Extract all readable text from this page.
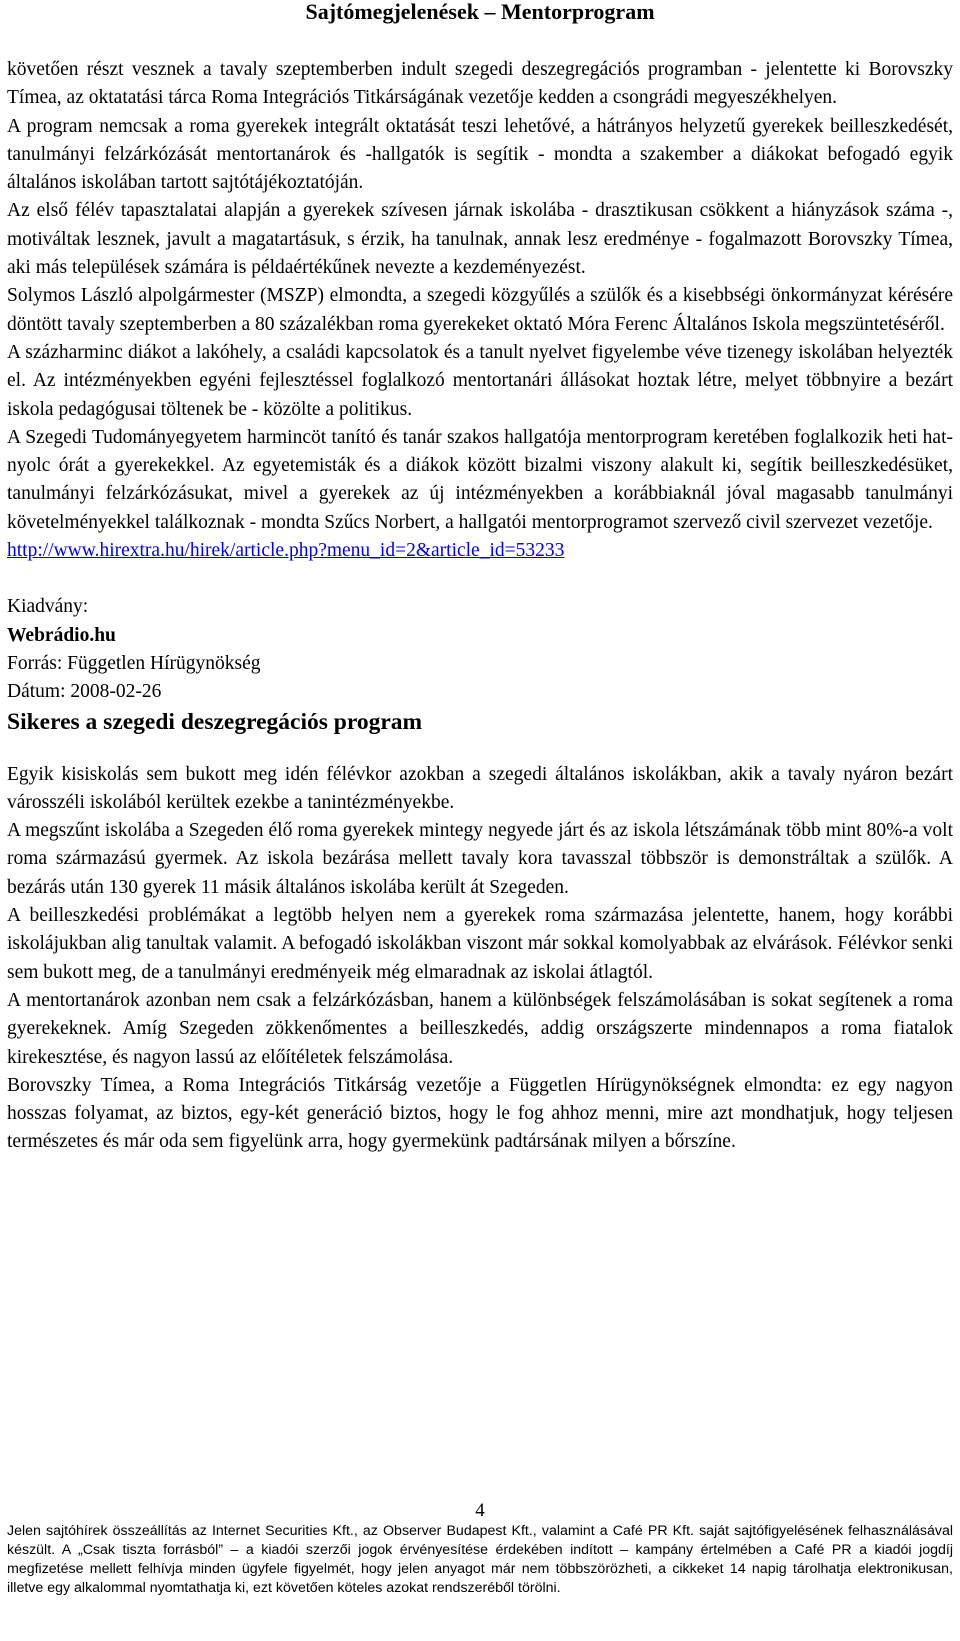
Sajtómegjelenések – Mentorprogram

követően részt vesznek a tavaly szeptemberben indult szegedi deszegregációs programban - jelentette ki Borovszky Tímea, az oktatatási tárca Roma Integrációs Titkárságának vezetője kedden a csongrádi megyeszékhelyen.

A program nemcsak a roma gyerekek integrált oktatását teszi lehetővé, a hátrányos helyzetű gyerekek beilleszkedését, tanulmányi felzárkózását mentortanárok és -hallgatók is segítik - mondta a szakember a diákokat befogadó egyik általános iskolában tartott sajtótájékoztatóján.

Az első félév tapasztalatai alapján a gyerekek szívesen járnak iskolába - drasztikusan csökkent a hiányzások száma -, motiváltak lesznek, javult a magatartásuk, s érzik, ha tanulnak, annak lesz eredménye - fogalmazott Borovszky Tímea, aki más települések számára is példaértékűnek nevezte a kezdeményezést.

Solymos László alpolgármester (MSZP) elmondta, a szegedi közgyűlés a szülők és a kisebbségi önkormányzat kérésére döntött tavaly szeptemberben a 80 százalékban roma gyerekeket oktató Móra Ferenc Általános Iskola megszüntetéséről.

A százharminc diákot a lakóhely, a családi kapcsolatok és a tanult nyelvet figyelembe véve tizenegy iskolában helyezték el. Az intézményekben egyéni fejlesztéssel foglalkozó mentortanári állásokat hoztak létre, melyet többnyire a bezárt iskola pedagógusai töltenek be - közölte a politikus.

A Szegedi Tudományegyetem harmincöt tanító és tanár szakos hallgatója mentorprogram keretében foglalkozik heti hat-nyolc órát a gyerekekkel. Az egyetemisták és a diákok között bizalmi viszony alakult ki, segítik beilleszkedésüket, tanulmányi felzárkózásukat, mivel a gyerekek az új intézményekben a korábbiaknál jóval magasabb tanulmányi követelményekkel találkoznak - mondta Szűcs Norbert, a hallgatói mentorprogramot szervező civil szervezet vezetője.

http://www.hirextra.hu/hirek/article.php?menu_id=2&article_id=53233

Kiadvány:

Webrádio.hu

Forrás: Független Hírügynökség

Dátum: 2008-02-26

Sikeres a szegedi deszegregációs program

Egyik kisiskolás sem bukott meg idén félévkor azokban a szegedi általános iskolákban, akik a tavaly nyáron bezárt városszéli iskolából kerültek ezekbe a tanintézményekbe.

A megszűnt iskolába a Szegeden élő roma gyerekek mintegy negyede járt és az iskola létszámának több mint 80%-a volt roma származású gyermek. Az iskola bezárása mellett tavaly kora tavasszal többször is demonstráltak a szülők. A bezárás után 130 gyerek 11 másik általános iskolába került át Szegeden.

A beilleszkedési problémákat a legtöbb helyen nem a gyerekek roma származása jelentette, hanem, hogy korábbi iskolájukban alig tanultak valamit. A befogadó iskolákban viszont már sokkal komolyabbak az elvárások. Félévkor senki sem bukott meg, de a tanulmányi eredményeik még elmaradnak az iskolai átlagtól.

A mentortanárok azonban nem csak a felzárkózásban, hanem a különbségek felszámolásában is sokat segítenek a roma gyerekeknek. Amíg Szegeden zökkenőmentes a beilleszkedés, addig országszerte mindennapos a roma fiatalok kirekesztése, és nagyon lassú az előítéletek felszámolása.

Borovszky Tímea, a Roma Integrációs Titkárság vezetője a Független Hírügynökségnek elmondta: ez egy nagyon hosszas folyamat, az biztos, egy-két generáció biztos, hogy le fog ahhoz menni, mire azt mondhatjuk, hogy teljesen természetes és már oda sem figyelünk arra, hogy gyermekünk padtársának milyen a bőrszíne.

4

Jelen sajtóhírek összeállítás az Internet Securities Kft., az Observer Budapest Kft., valamint a Café PR Kft. saját sajtófigyelésének felhasználásával készült. A „Csak tiszta forrásból” – a kiadói szerzői jogok érvényesítése érdekében indított – kampány értelmében a Café PR a kiadói jogdíj megfizetése mellett felhívja minden ügyfele figyelmét, hogy jelen anyagot már nem többszörözheti, a cikkeket 14 napig tárolhatja elektronikusan, illetve egy alkalommal nyomtathatja ki, ezt követően köteles azokat rendszeréből törölni.
